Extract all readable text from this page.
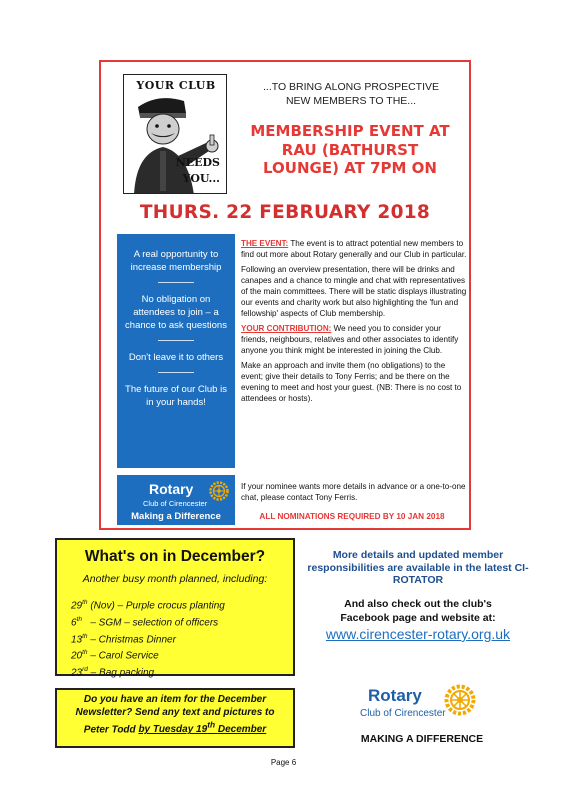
YOUR CLUB
NEEDS
YOU...
...TO BRING ALONG PROSPECTIVE
NEW MEMBERS TO THE...
MEMBERSHIP EVENT AT
RAU (BATHURST
LOUNGE) AT 7PM ON
THURS. 22 FEBRUARY 2018

A real opportunity to increase membership

No obligation on attendees to join – a chance to ask questions

Don't leave it to others

The future of our Club is in your hands!

THE EVENT: The event is to attract potential new members to find out more about Rotary generally and our Club in particular.

Following an overview presentation, there will be drinks and canapes and a chance to mingle and chat with representatives of the main committees. There will be static displays illustrating our events and charity work but also highlighting the 'fun and fellowship' aspects of Club membership.

YOUR CONTRIBUTION: We need you to consider your friends, neighbours, relatives and other associates to identify anyone you think might be interested in joining the Club.

Make an approach and invite them (no obligations) to the event; give their details to Tony Ferris; and be there on the evening to meet and host your guest. (NB: There is no cost to attendees or hosts).

If your nominee wants more details in advance or a one-to-one chat, please contact Tony Ferris.
Rotary
Club of Cirencester
Making a Difference	ALL NOMINATIONS REQUIRED BY 10 JAN 2018
What's on in December?
Another busy month planned, including:
29th (Nov) – Purple crocus planting
6th   – SGM – selection of officers
13th – Christmas Dinner
20th – Carol Service
23rd – Bag packing
Do you have an item for the December Newsletter? Send any text and pictures to Peter Todd by Tuesday 19th December
More details and updated member responsibilities are available in the latest CI-ROTATOR
And also check out the club's
Facebook page and website at:
www.cirencester-rotary.org.uk
Rotary
Club of Cirencester
MAKING A DIFFERENCE
Page 6
